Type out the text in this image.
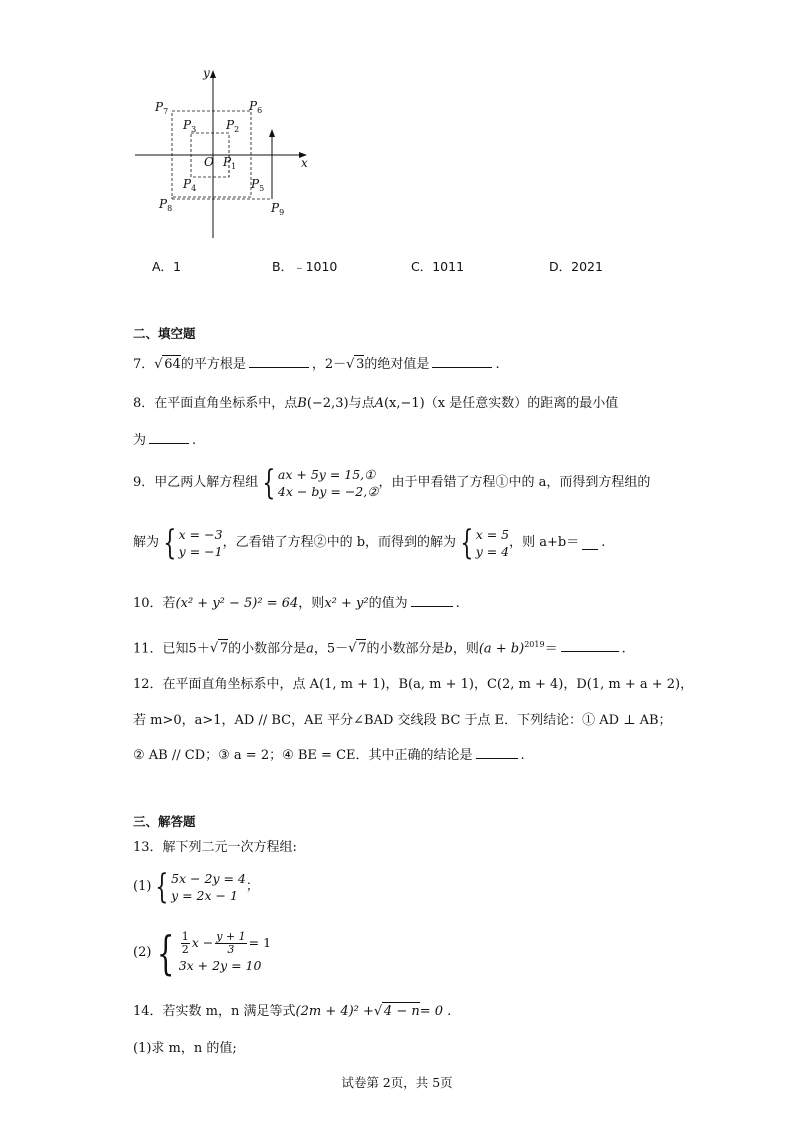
y
x
O
$P_7$	$P_6$
$P_3$ $P_2$
$P_1$
$P_4$	$P_5$
$P_8$	$P_9$
A．1	B．﹣1010	C．1011	D．2021
二、填空题
7． √ 64的平方根是	，2－ √ 3的绝对值是	.
8．在平面直角坐标系中，点B(−2,3)与点A(x,−1)（x 是任意实数）的距离的最小值
为	.
9．甲乙两人解方程组 { ax + 5y = 15,①
4x − by = −2,②
，由于甲看错了方程①中的 a，而得到方程组的
解为 { x = −3
y = −1
，乙看错了方程②中的 b，而得到的解为 { x = 5
y = 4
，则 a+b＝ .
10．若(x² + y² − 5)² = 64，则x² + y²的值为	.
11．已知5＋ √ 7的小数部分是a，5－ √ 7的小数部分是b，则$(a + b)^{2019}=$	.
12．在平面直角坐标系中，点 A(1, m + 1)，B(a, m + 1)，C(2, m + 4)，D(1, m + a + 2)，
若 m>0，a>1，AD // BC，AE 平分∠BAD 交线段 BC 于点 E．下列结论：① AD ⊥ AB；
② AB // CD；③ a = 2；④ BE = CE．其中正确的结论是	.
三、解答题
13．解下列二元一次方程组:
(1) { 5x − 2y = 4
y = 2x − 1
；
(2) { $\frac{1}{2}$ $x - \frac{y + 1}{3} = 1$
3x + 2y = 10
14．若实数 m，n 满足等式(2m + 4)² + √ 4 − n= 0 .
(1)求 m，n 的值;
试卷第 2页，共 5页
